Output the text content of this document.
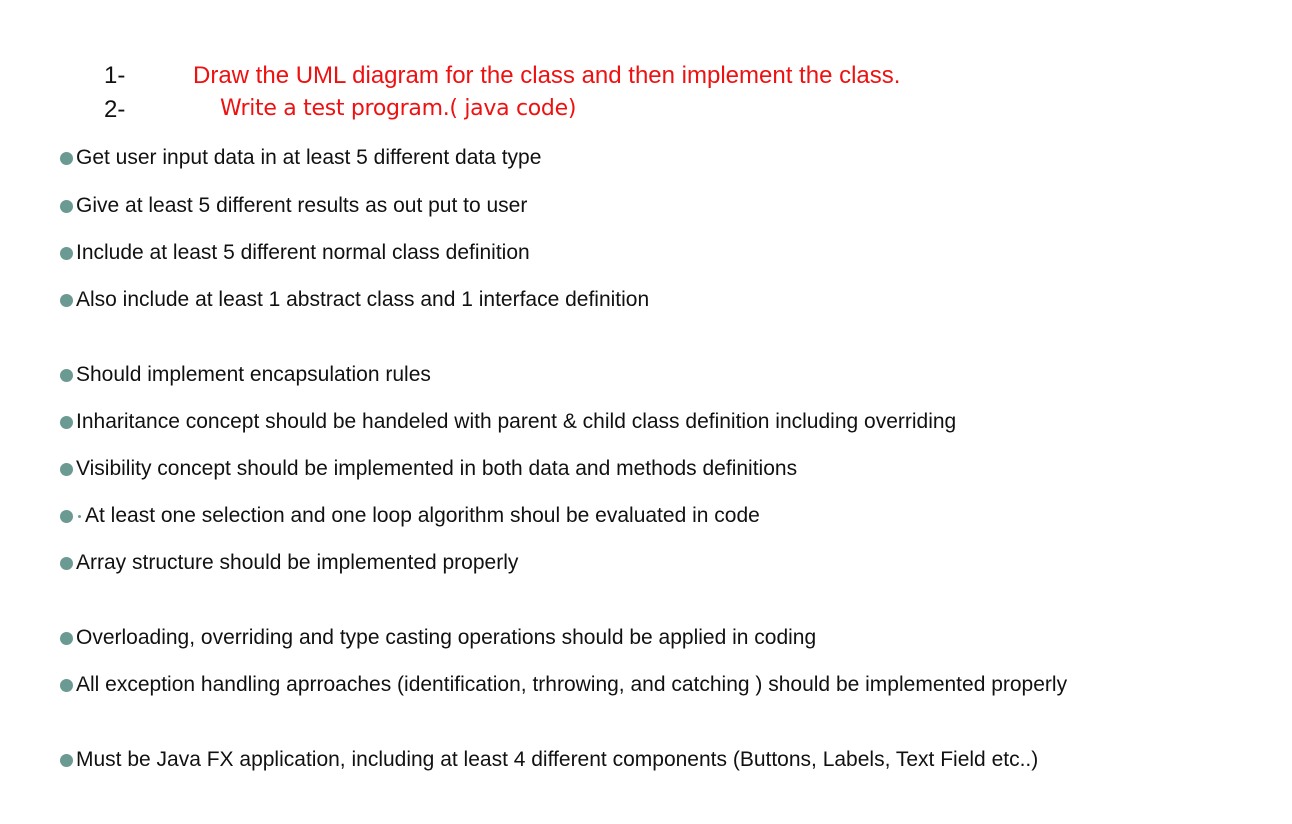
1-	Draw the UML diagram for the class and then implement the class.
2-	Write a test program.( java code)
Get user input data in at least 5 different data type
Give at least 5 different results as out put to user
Include at least 5 different normal class definition
Also include at least 1 abstract class and 1 interface definition
Should implement encapsulation rules
Inharitance concept should be handeled with parent & child class definition including overriding
Visibility concept should be implemented in both data and methods definitions
At least one selection and one loop algorithm shoul be evaluated in code
Array structure should be implemented properly
Overloading, overriding and type casting operations should be applied in coding
All exception handling aprroaches (identification, trhrowing, and catching ) should be implemented properly
Must be Java FX application, including at least 4 different components (Buttons, Labels, Text Field etc..)
